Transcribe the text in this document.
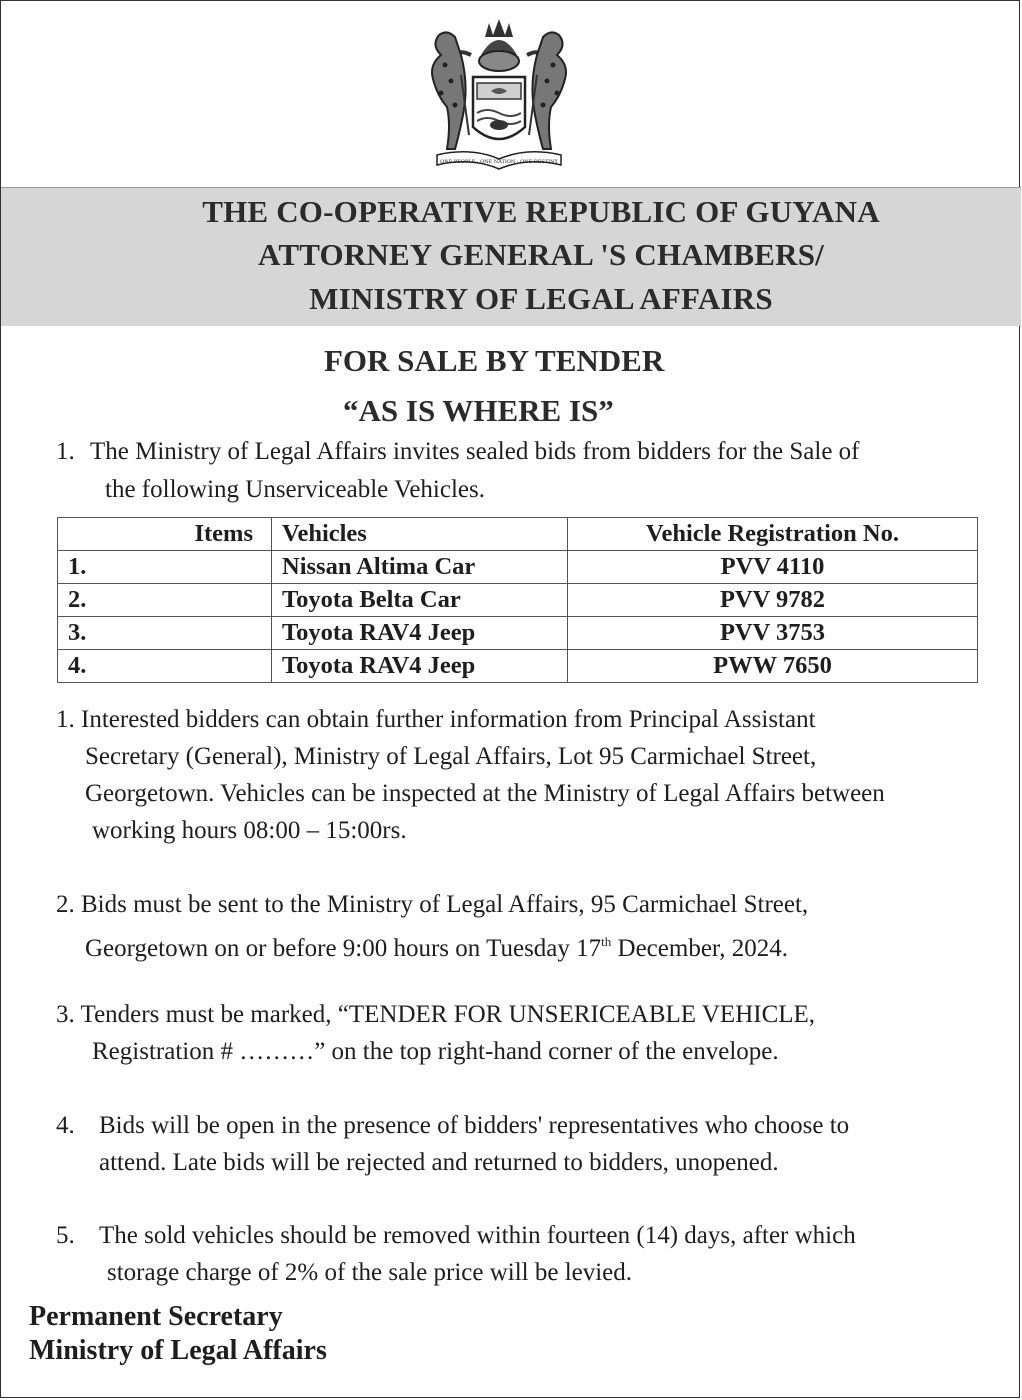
ONE PEOPLE · ONE NATION · ONE DESTINY
THE CO-OPERATIVE REPUBLIC OF GUYANA
ATTORNEY GENERAL 'S CHAMBERS/
MINISTRY OF LEGAL AFFAIRS
FOR SALE BY TENDER
“AS IS WHERE IS”
1. The Ministry of Legal Affairs invites sealed bids from bidders for the Sale of
the following Unserviceable Vehicles.
Items	Vehicles	Vehicle Registration No.
1.	Nissan Altima Car	PVV 4110
2.	Toyota Belta Car	PVV 9782
3.	Toyota RAV4 Jeep	PVV 3753
4.	Toyota RAV4 Jeep	PWW 7650
1. Interested bidders can obtain further information from Principal Assistant
Secretary (General), Ministry of Legal Affairs, Lot 95 Carmichael Street,
Georgetown. Vehicles can be inspected at the Ministry of Legal Affairs between
working hours 08:00 – 15:00rs.
2. Bids must be sent to the Ministry of Legal Affairs, 95 Carmichael Street,
Georgetown on or before 9:00 hours on Tuesday 17th December, 2024.
3. Tenders must be marked, “TENDER FOR UNSERICEABLE VEHICLE,
Registration # ………” on the top right-hand corner of the envelope.
4. Bids will be open in the presence of bidders' representatives who choose to
attend. Late bids will be rejected and returned to bidders, unopened.
5. The sold vehicles should be removed within fourteen (14) days, after which
storage charge of 2% of the sale price will be levied.
Permanent Secretary
Ministry of Legal Affairs
